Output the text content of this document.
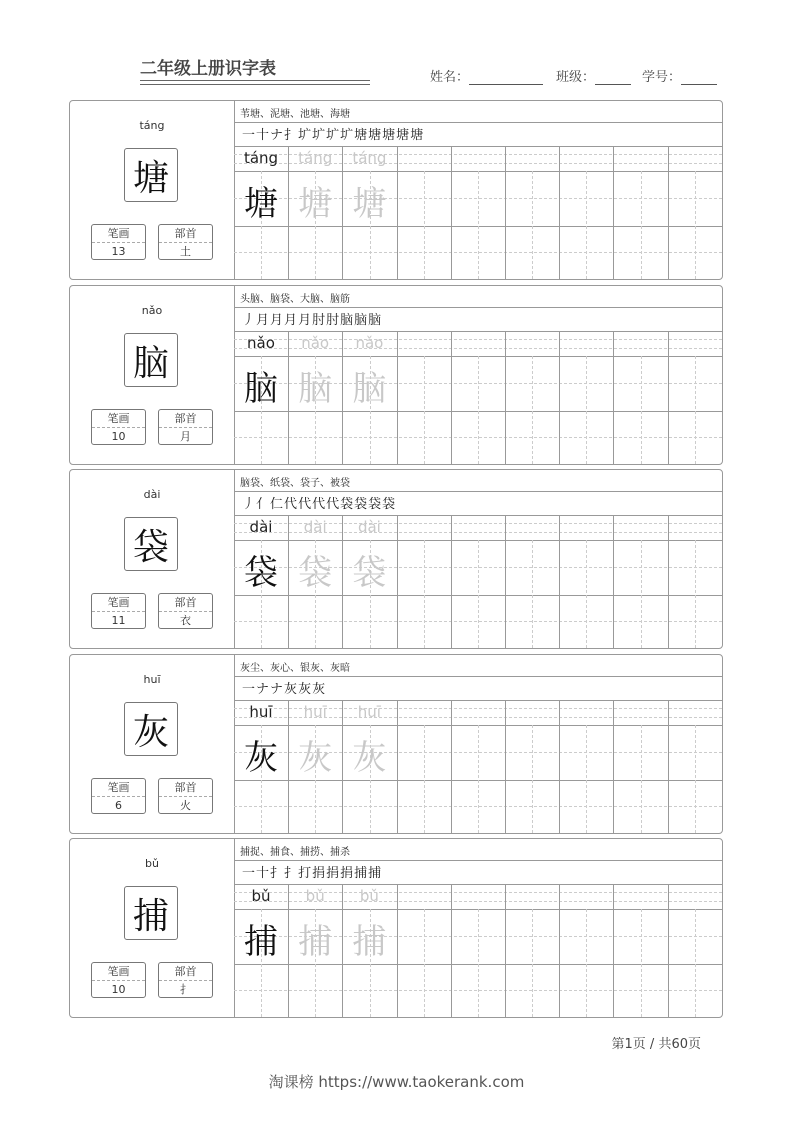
二年级上册识字表	姓名：	班级：	学号：
táng
塘
笔画
13
部首
土
苇塘、泥塘、池塘、海塘
一十ナ扌圹圹圹圹塘塘塘塘塘
táng
塘
táng
塘
táng
塘
nǎo
脑
笔画
10
部首
月
头脑、脑袋、大脑、脑筋
丿月月月月肘肘脑脑脑
nǎo
脑
nǎo
脑
nǎo
脑
dài
袋
笔画
11
部首
衣
脑袋、纸袋、袋子、被袋
丿亻仁代代代代袋袋袋袋
dài
袋
dài
袋
dài
袋
huī
灰
笔画
6
部首
火
灰尘、灰心、银灰、灰暗
一ナナ灰灰灰
huī
灰
huī
灰
huī
灰
bǔ
捕
笔画
10
部首
扌
捕捉、捕食、捕捞、捕杀
一十扌扌打捐捐捐捕捕
bǔ
捕
bǔ
捕
bǔ
捕
第1页 / 共60页
淘课榜 https://www.taokerank.com
